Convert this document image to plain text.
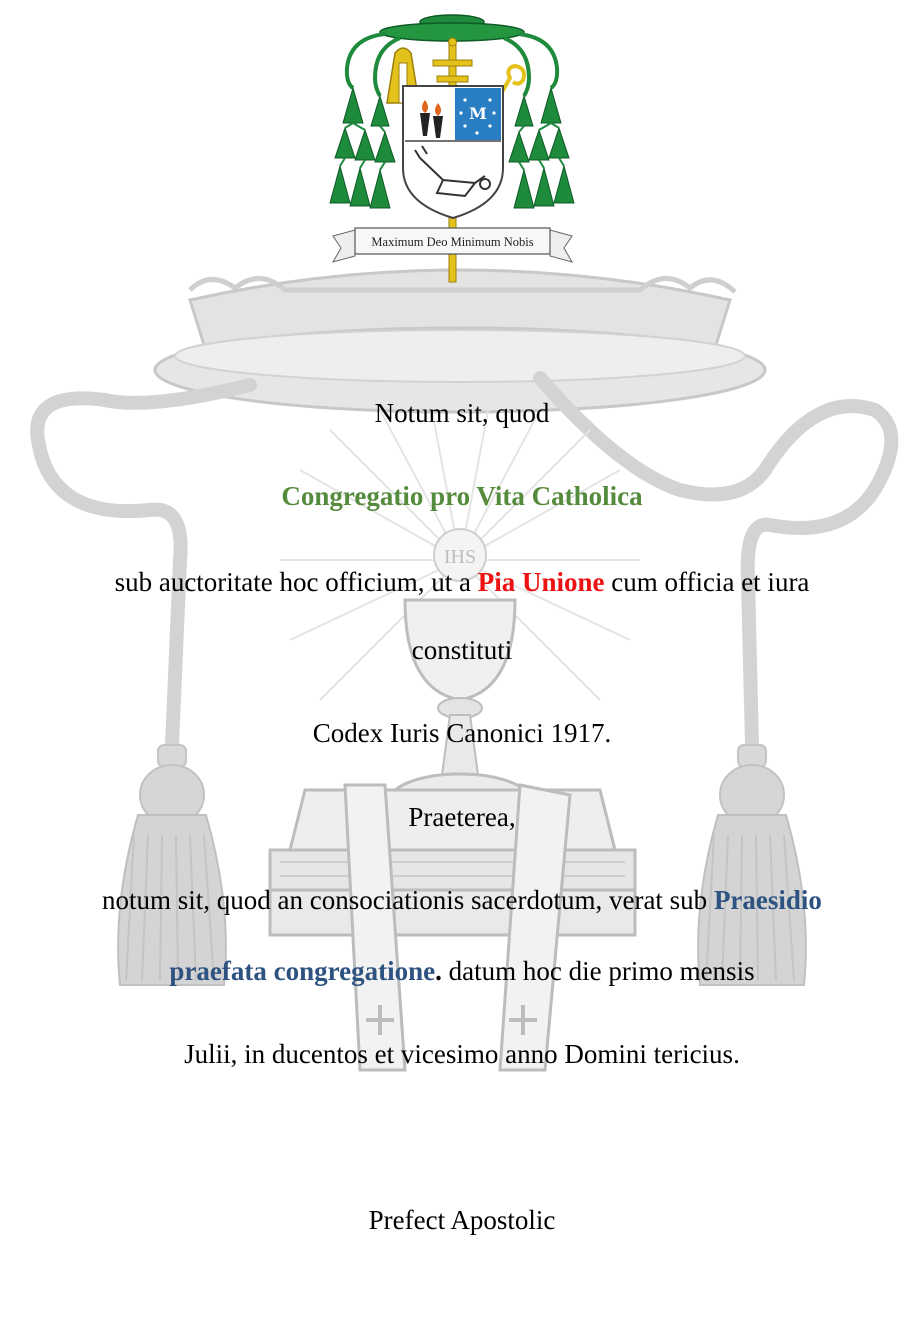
IHS
M
Maximum Deo Minimum Nobis
Notum sit, quod
Congregatio pro Vita Catholica
sub auctoritate hoc officium, ut a Pia Unione cum officia et iura
constituti
Codex Iuris Canonici 1917.
Praeterea,
notum sit, quod an consociationis sacerdotum, verat sub Praesidio
praefata congregatione. datum hoc die primo mensis
Julii, in ducentos et vicesimo anno Domini tericius.
Prefect Apostolic
